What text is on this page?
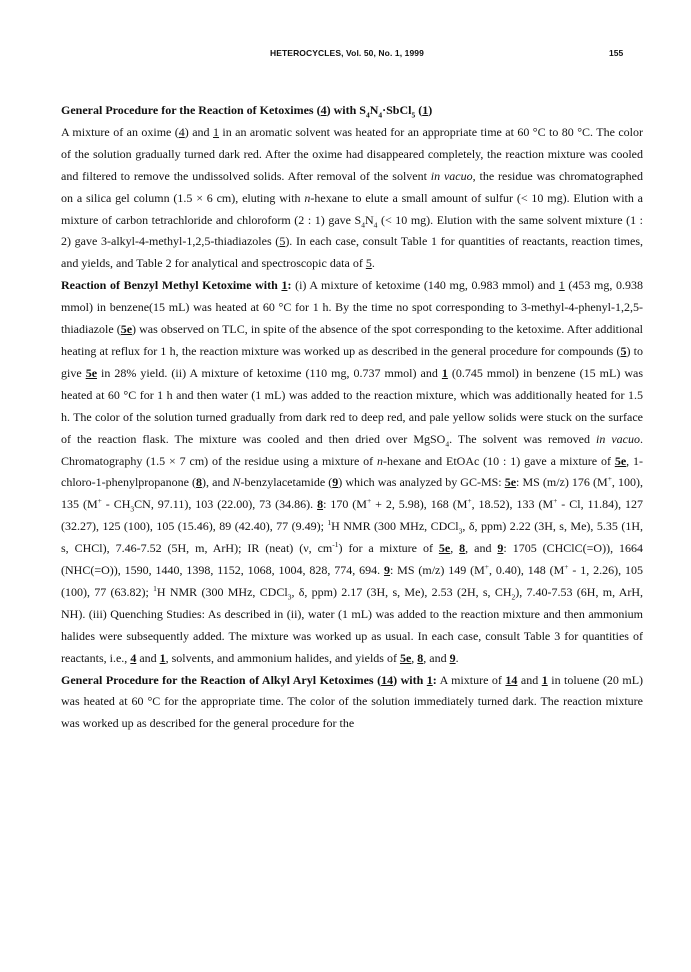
HETEROCYCLES, Vol. 50, No. 1, 1999	155

General Procedure for the Reaction of Ketoximes (4) with $S_4N_4\cdot SbCl_5$ (1)
A mixture of an oxime (4) and 1 in an aromatic solvent was heated for an appropriate time at 60 °C to 80 °C. The color of the solution gradually turned dark red. After the oxime had disappeared completely, the reaction mixture was cooled and filtered to remove the undissolved solids. After removal of the solvent in vacuo, the residue was chromatographed on a silica gel column (1.5 × 6 cm), eluting with n-hexane to elute a small amount of sulfur (< 10 mg). Elution with a mixture of carbon tetrachloride and chloroform (2 : 1) gave $S_4N_4$ (< 10 mg). Elution with the same solvent mixture (1 : 2) gave 3-alkyl-4-methyl-1,2,5-thiadiazoles (5). In each case, consult Table 1 for quantities of reactants, reaction times, and yields, and Table 2 for analytical and spectroscopic data of 5.

Reaction of Benzyl Methyl Ketoxime with 1: (i) A mixture of ketoxime (140 mg, 0.983 mmol) and 1 (453 mg, 0.938 mmol) in benzene(15 mL) was heated at 60 °C for 1 h. By the time no spot corresponding to 3-methyl-4-phenyl-1,2,5-thiadiazole (5e) was observed on TLC, in spite of the absence of the spot corresponding to the ketoxime. After additional heating at reflux for 1 h, the reaction mixture was worked up as described in the general procedure for compounds (5) to give 5e in 28% yield. (ii) A mixture of ketoxime (110 mg, 0.737 mmol) and 1 (0.745 mmol) in benzene (15 mL) was heated at 60 °C for 1 h and then water (1 mL) was added to the reaction mixture, which was additionally heated for 1.5 h. The color of the solution turned gradually from dark red to deep red, and pale yellow solids were stuck on the surface of the reaction flask. The mixture was cooled and then dried over MgSO$_4$. The solvent was removed in vacuo. Chromatography (1.5 × 7 cm) of the residue using a mixture of n-hexane and EtOAc (10 : 1) gave a mixture of 5e, 1-chloro-1-phenylpropanone (8), and N-benzylacetamide (9) which was analyzed by GC-MS: 5e: MS (m/z) 176 (M+, 100), 135 ($M^+ - CH_3CN$, 97.11), 103 (22.00), 73 (34.86). 8: 170 (M+ + 2, 5.98), 168 (M+, 18.52), 133 (M+ - Cl, 11.84), 127 (32.27), 125 (100), 105 (15.46), 89 (42.40), 77 (9.49); $^1$H NMR (300 MHz, CDCl$_3$, δ, ppm) 2.22 (3H, s, Me), 5.35 (1H, s, CHCl), 7.46-7.52 (5H, m, ArH); IR (neat) (ν, $cm^{-1}$) for a mixture of 5e, 8, and 9: 1705 (CHClC(=O)), 1664 (NHC(=O)), 1590, 1440, 1398, 1152, 1068, 1004, 828, 774, 694. 9: MS (m/z) 149 (M+, 0.40), 148 (M+ - 1, 2.26), 105 (100), 77 (63.82); $^1$H NMR (300 MHz, CDCl$_3$, δ, ppm) 2.17 (3H, s, Me), 2.53 (2H, s, $CH_2$), 7.40-7.53 (6H, m, ArH, NH). (iii) Quenching Studies: As described in (ii), water (1 mL) was added to the reaction mixture and then ammonium halides were subsequently added. The mixture was worked up as usual. In each case, consult Table 3 for quantities of reactants, i.e., 4 and 1, solvents, and ammonium halides, and yields of 5e, 8, and 9.

General Procedure for the Reaction of Alkyl Aryl Ketoximes (14) with 1: A mixture of 14 and 1 in toluene (20 mL) was heated at 60 °C for the appropriate time. The color of the solution immediately turned dark. The reaction mixture was worked up as described for the general procedure for the
